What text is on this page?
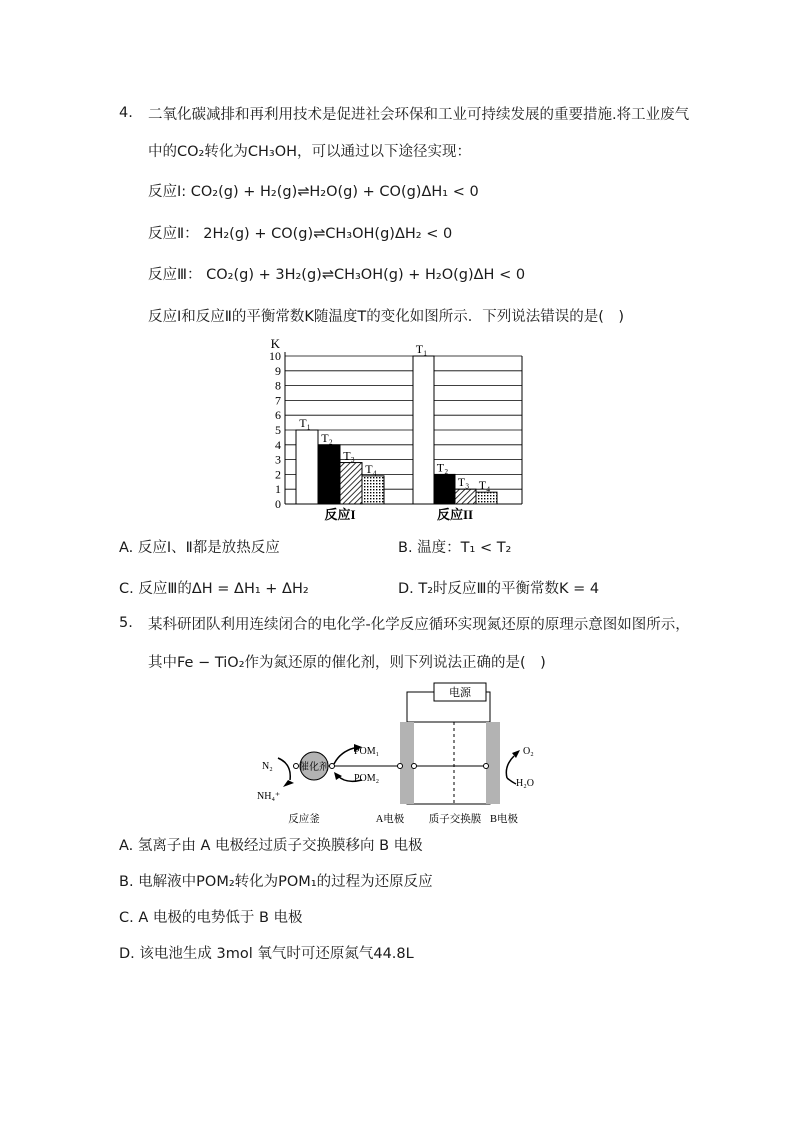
4. 二氧化碳减排和再利用技术是促进社会环保和工业可持续发展的重要措施.将工业废气
中的CO₂转化为CH₃OH，可以通过以下途径实现：
反应Ⅰ: CO₂(g) + H₂(g)⇌H₂O(g) + CO(g)ΔH₁ < 0
反应Ⅱ： 2H₂(g) + CO(g)⇌CH₃OH(g)ΔH₂ < 0
反应Ⅲ： CO₂(g) + 3H₂(g)⇌CH₃OH(g) + H₂O(g)ΔH < 0
反应Ⅰ和反应Ⅱ的平衡常数K随温度T的变化如图所示．下列说法错误的是(　)
0
1
2
3
4
5
6
7
8
9
10
K
T₁
T₂
T₃
T₄
反应I
T₁
T₂
T₃ T₄
反应II
A. 反应Ⅰ、Ⅱ都是放热反应	B. 温度：T₁ < T₂
C. 反应Ⅲ的ΔH = ΔH₁ + ΔH₂	D. T₂时反应Ⅲ的平衡常数K = 4
5. 某科研团队利用连续闭合的电化学-化学反应循环实现氮还原的原理示意图如图所示，
其中Fe − TiO₂作为氮还原的催化剂，则下列说法正确的是(　)
电源
催化剂
N₂
NH₄⁺
POM₁
POM₂
O₂
H₂O
反应釜	A电极 质子交换膜 B电极
A. 氢离子由 A 电极经过质子交换膜移向 B 电极
B. 电解液中POM₂转化为POM₁的过程为还原反应
C. A 电极的电势低于 B 电极
D. 该电池生成 3mol 氧气时可还原氮气44.8L
